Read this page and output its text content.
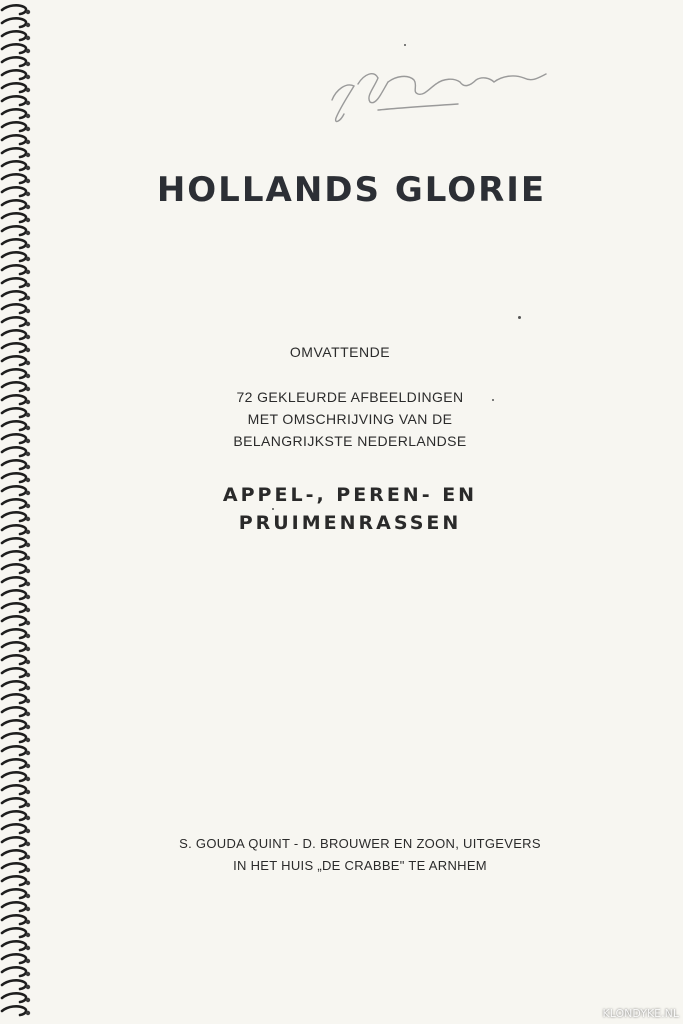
HOLLANDS GLORIE
OMVATTENDE
72 GEKLEURDE AFBEELDINGEN
MET OMSCHRIJVING VAN DE
BELANGRIJKSTE NEDERLANDSE
APPEL-, PEREN- EN
PRUIMENRASSEN
S. GOUDA QUINT - D. BROUWER EN ZOON, UITGEVERS
IN HET HUIS „DE CRABBE" TE ARNHEM
KLONDYKE.NL
